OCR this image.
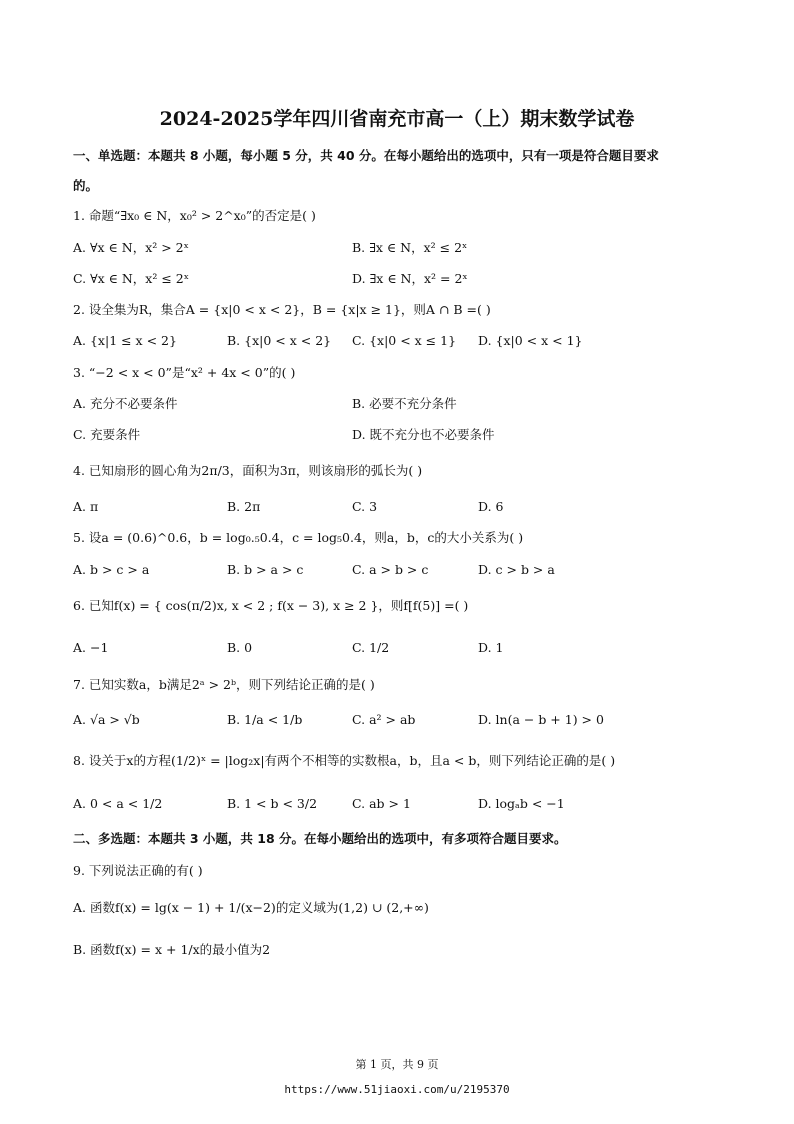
2024-2025学年四川省南充市高一（上）期末数学试卷
一、单选题：本题共 8 小题，每小题 5 分，共 40 分。在每小题给出的选项中，只有一项是符合题目要求
的。
1. 命题“∃x₀ ∈ N，x₀² > 2^x₀”的否定是( )
A. ∀x ∈ N，x² > 2ˣ	B. ∃x ∈ N，x² ≤ 2ˣ
C. ∀x ∈ N，x² ≤ 2ˣ	D. ∃x ∈ N，x² = 2ˣ
2. 设全集为R，集合A = {x|0 < x < 2}，B = {x|x ≥ 1}，则A ∩ B =( )
A. {x|1 ≤ x < 2}	B. {x|0 < x < 2} C. {x|0 < x ≤ 1} D. {x|0 < x < 1}
3. “−2 < x < 0”是“x² + 4x < 0”的( )
A. 充分不必要条件	B. 必要不充分条件
C. 充要条件	D. 既不充分也不必要条件
4. 已知扇形的圆心角为2π/3，面积为3π，则该扇形的弧长为( )
A. π	B. 2π	C. 3	D. 6
5. 设a = (0.6)^0.6，b = log₀.₅0.4，c = log₅0.4，则a，b，c的大小关系为( )
A. b > c > a	B. b > a > c	C. a > b > c	D. c > b > a
6. 已知f(x) = { cos(π/2)x, x < 2 ; f(x − 3), x ≥ 2 }，则f[f(5)] =( )
A. −1	B. 0	C. 1/2	D. 1
7. 已知实数a，b满足2ᵃ > 2ᵇ，则下列结论正确的是( )
A. √a > √b	B. 1/a < 1/b	C. a² > ab	D. ln(a − b + 1) > 0
8. 设关于x的方程(1/2)ˣ = |log₂x|有两个不相等的实数根a，b，且a < b，则下列结论正确的是( )
A. 0 < a < 1/2	B. 1 < b < 3/2	C. ab > 1	D. logₐb < −1
二、多选题：本题共 3 小题，共 18 分。在每小题给出的选项中，有多项符合题目要求。
9. 下列说法正确的有( )
A. 函数f(x) = lg(x − 1) + 1/(x−2)的定义域为(1,2) ∪ (2,+∞)
B. 函数f(x) = x + 1/x的最小值为2
第 1 页，共 9 页
https://www.51jiaoxi.com/u/2195370
